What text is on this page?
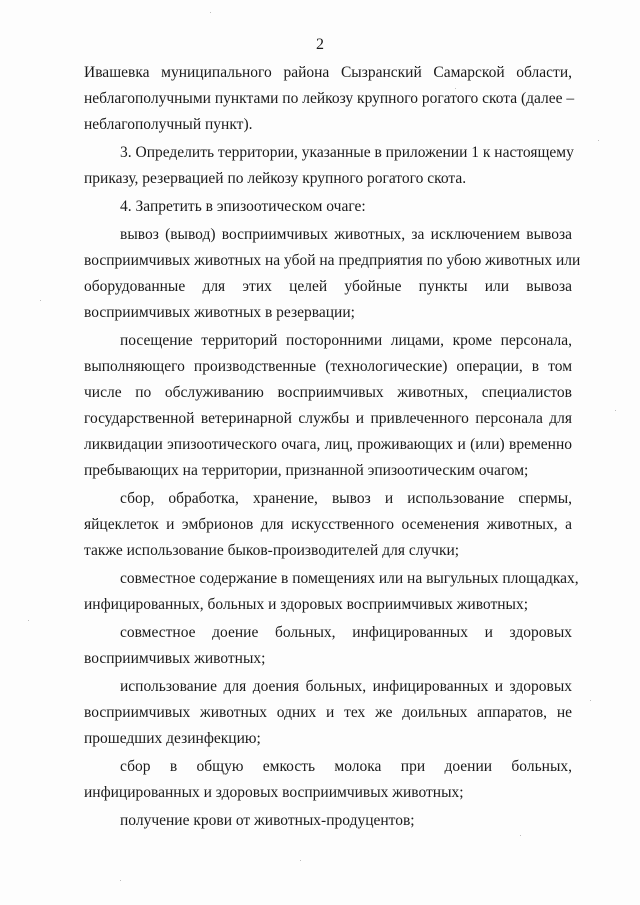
2
Ивашевка муниципального района Сызранский Самарской области,
неблагополучными пунктами по лейкозу крупного рогатого скота (далее –
неблагополучный пункт).
3. Определить территории, указанные в приложении 1 к настоящему
приказу, резервацией по лейкозу крупного рогатого скота.
4. Запретить в эпизоотическом очаге:
вывоз (вывод) восприимчивых животных, за исключением вывоза
восприимчивых животных на убой на предприятия по убою животных или
оборудованные для этих целей убойные пункты или вывоза
восприимчивых животных в резервации;
посещение территорий посторонними лицами, кроме персонала,
выполняющего производственные (технологические) операции, в том
числе по обслуживанию восприимчивых животных, специалистов
государственной ветеринарной службы и привлеченного персонала для
ликвидации эпизоотического очага, лиц, проживающих и (или) временно
пребывающих на территории, признанной эпизоотическим очагом;
сбор, обработка, хранение, вывоз и использование спермы,
яйцеклеток и эмбрионов для искусственного осеменения животных, а
также использование быков-производителей для случки;
совместное содержание в помещениях или на выгульных площадках,
инфицированных, больных и здоровых восприимчивых животных;
совместное доение больных, инфицированных и здоровых
восприимчивых животных;
использование для доения больных, инфицированных и здоровых
восприимчивых животных одних и тех же доильных аппаратов, не
прошедших дезинфекцию;
сбор в общую емкость молока при доении больных,
инфицированных и здоровых восприимчивых животных;
получение крови от животных-продуцентов;
